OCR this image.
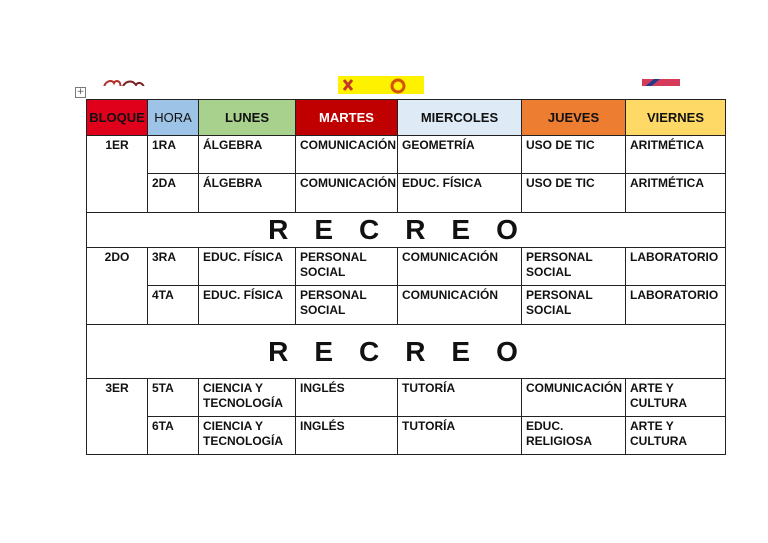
+
BLOQUE	HORA	LUNES	MARTES	MIERCOLES	JUEVES	VIERNES
1ER	1RA	ÁLGEBRA	COMUNICACIÓN	GEOMETRÍA	USO DE TIC	ARITMÉTICA
	2DA	ÁLGEBRA	COMUNICACIÓN	EDUC. FÍSICA	USO DE TIC	ARITMÉTICA
RECREO						
2DO	3RA	EDUC. FÍSICA	PERSONAL SOCIAL	COMUNICACIÓN	PERSONAL SOCIAL	LABORATORIO
	4TA	EDUC. FÍSICA	PERSONAL SOCIAL	COMUNICACIÓN	PERSONAL SOCIAL	LABORATORIO
RECREO						
3ER	5TA	CIENCIA Y TECNOLOGÍA	INGLÉS	TUTORÍA	COMUNICACIÓN	ARTE Y CULTURA
	6TA	CIENCIA Y TECNOLOGÍA	INGLÉS	TUTORÍA	EDUC. RELIGIOSA	ARTE Y CULTURA
